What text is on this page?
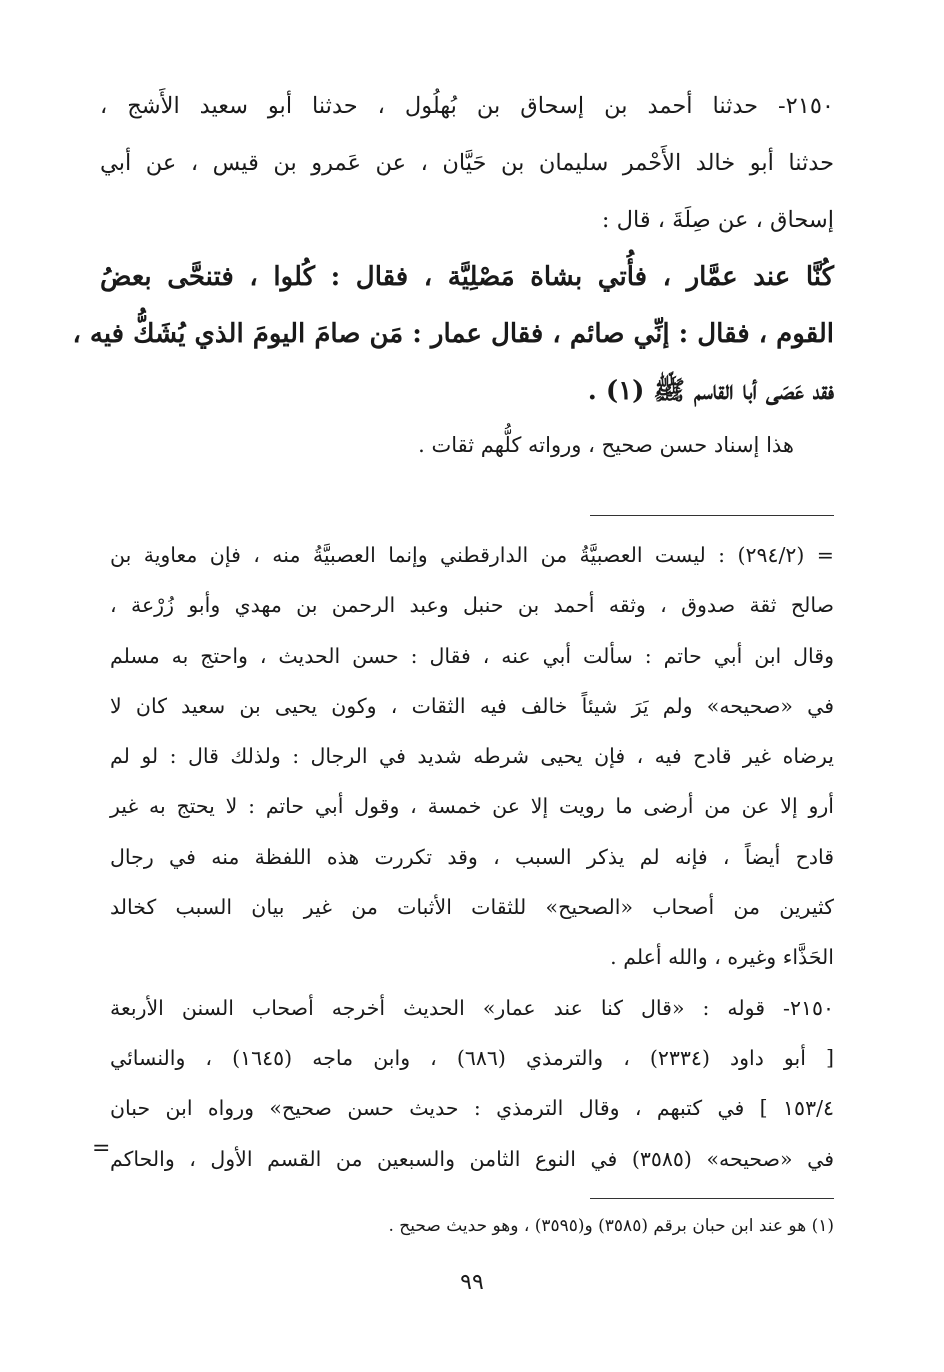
٢١٥٠- حدثنا أحمد بن إسحاق بن بُهلُول ، حدثنا أبو سعيد الأَشج ،
حدثنا أبو خالد الأَحْمر سليمان بن حَيَّان ، عن عَمرو بن قيس ، عن أبي
إسحاق ، عن صِلَةَ ، قال :
كُنَّا عند عمَّار ، فأُتي بشاة مَصْلِيَّة ، فقال : كُلوا ، فتنحَّى بعضُ
القوم ، فقال : إنِّي صائم ، فقال عمار : مَن صامَ اليومَ الذي يُشَكُّ فيه ،
فقد عَصَى أبا القاسم ﷺ (١) .
هذا إسناد حسن صحيح ، ورواته كلُّهم ثقات .
= (٢٩٤/٢) : ليست العصبيَّةُ من الدارقطني وإنما العصبيَّةُ منه ، فإن معاوية بن
صالح ثقة صدوق ، وثقه أحمد بن حنبل وعبد الرحمن بن مهدي وأبو زُرْعة ،
وقال ابن أبي حاتم : سألت أبي عنه ، فقال : حسن الحديث ، واحتج به مسلم
في «صحيحه» ولم يَرَ شيئاً خالف فيه الثقات ، وكون يحيى بن سعيد كان لا
يرضاه غير قادح فيه ، فإن يحيى شرطه شديد في الرجال : ولذلك قال : لو لم
أرو إلا عن من أرضى ما رويت إلا عن خمسة ، وقول أبي حاتم : لا يحتج به غير
قادح أيضاً ، فإنه لم يذكر السبب ، وقد تكررت هذه اللفظة منه في رجال
كثيرين من أصحاب «الصحيح» للثقات الأثبات من غير بيان السبب كخالد
الحَذَّاء وغيره ، والله أعلم .
٢١٥٠- قوله : «قال كنا عند عمار» الحديث أخرجه أصحاب السنن الأربعة
[ أبو داود (٢٣٣٤) ، والترمذي (٦٨٦) ، وابن ماجه (١٦٤٥) ، والنسائي
١٥٣/٤ ] في كتبهم ، وقال الترمذي : حديث حسن صحيح» ورواه ابن حبان
في «صحيحه» (٣٥٨٥) في النوع الثامن والسبعين من القسم الأول ، والحاكم
=
(١) هو عند ابن حبان برقم (٣٥٨٥) و(٣٥٩٥) ، وهو حديث صحيح .
٩٩
